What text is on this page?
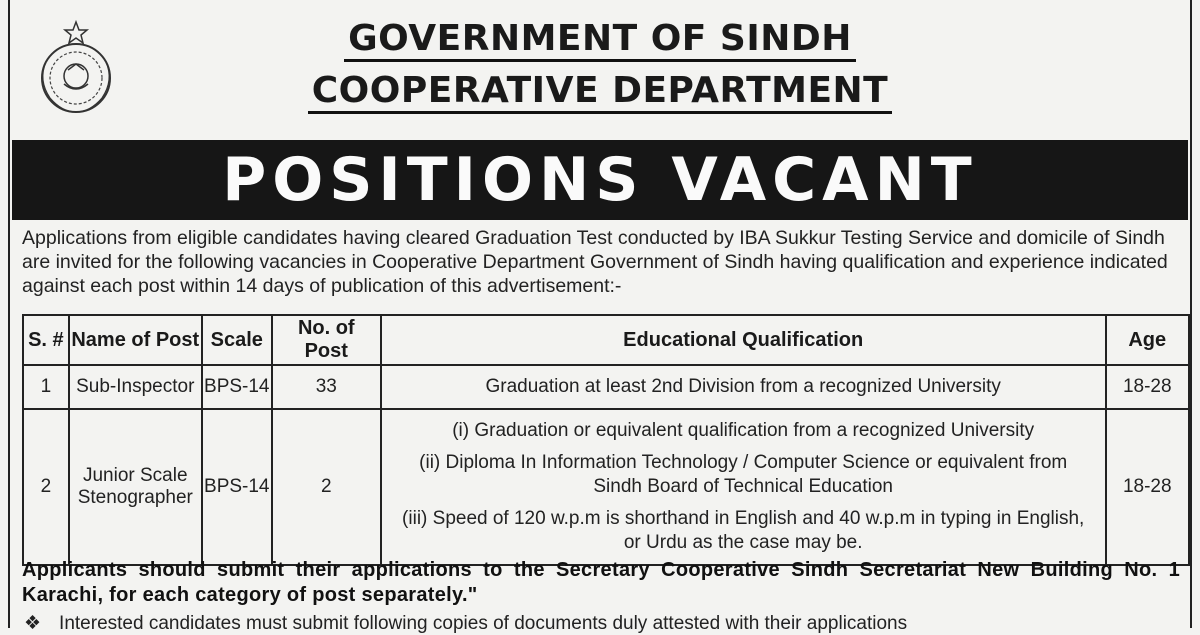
GOVERNMENT OF SINDH
COOPERATIVE DEPARTMENT
POSITIONS VACANT
Applications from eligible candidates having cleared Graduation Test conducted by IBA Sukkur Testing Service and domicile of Sindh are invited for the following vacancies in Cooperative Department Government of Sindh having qualification and experience indicated against each post within 14 days of publication of this advertisement:-
S. #	Name of Post	Scale	No. of Post	Educational Qualification	Age
1	Sub-Inspector	BPS-14	33	Graduation at least 2nd Division from a recognized University	18-28
2	Junior Scale Stenographer	BPS-14	2	(i) Graduation or equivalent qualification from a recognized University

(ii) Diploma In Information Technology / Computer Science or equivalent from Sindh Board of Technical Education

(iii) Speed of 120 w.p.m is shorthand in English and 40 w.p.m in typing in English, or Urdu as the case may be.	18-28
Applicants should submit their applications to the Secretary Cooperative Sindh Secretariat New Building No. 1 Karachi, for each category of post separately."
❖ Interested candidates must submit following copies of documents duly attested with their applications
